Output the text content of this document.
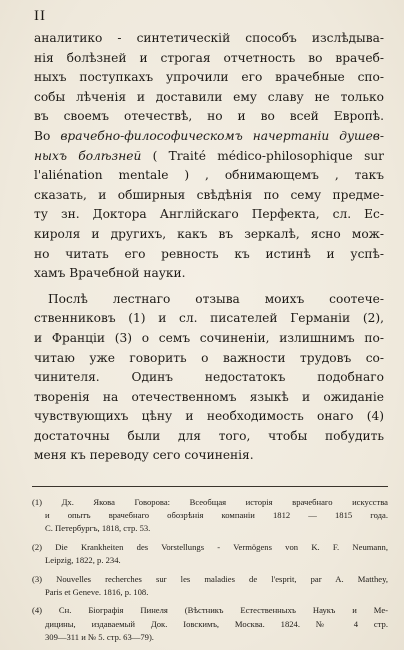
II
аналитико - синтетическій способъ изслѣдыва-
нія болѣзней и строгая отчетность во врачеб-
ныхъ поступкахъ упрочили его врачебные спо-
собы лѣченія и доставили ему славу не только
въ своемъ отечествѣ, но и во всей Европѣ.
Во врачебно-философическомъ начертаніи душев-
ныхъ болѣзней ( Traité médico-philosophique sur
l'aliénation mentale ) , обнимающемъ , такъ
сказать, и обширныя свѣдѣнія по сему предме-
ту зн. Доктора Англійскаго Перфекта, сл. Ес-
кироля и другихъ, какъ въ зеркалѣ, ясно мож-
но читать его ревность къ истинѣ и успѣ-
хамъ Врачебной науки.
Послѣ лестнаго отзыва моихъ соотече-
ственниковъ (1) и сл. писателей Германіи (2),
и Франціи (3) о семъ сочиненіи, излишнимъ по-
читаю уже говорить о важности трудовъ со-
чинителя. Одинъ недостатокъ подобнаго
творенія на отечественномъ языкѣ и ожиданіе
чувствующихъ цѣну и необходимость онаго (4)
достаточны были для того, чтобы побудить
меня къ переводу сего сочиненія.
(1) Дх. Якова Говорова: Всеобщая исторія врачебнаго искусства
и опытъ врачебнаго обозрѣнія компаніи 1812 — 1815 года.
С. Петербургъ, 1818, стр. 53.
(2) Die Krankheiten des Vorstellungs - Vermögens von K. F. Neumann,
Leipzig, 1822, p. 234.
(3) Nouvelles recherches sur les maladies de l'esprit, par A. Matthey,
Paris et Geneve. 1816, p. 108.
(4) Сн. Біографія Пинеля (Вѣстникъ Естественныхъ Наукъ и Ме-
дицины, издаваемый Док. Іовскимъ, Москва. 1824. № 4 стр.
309—311 и № 5. стр. 63—79).
